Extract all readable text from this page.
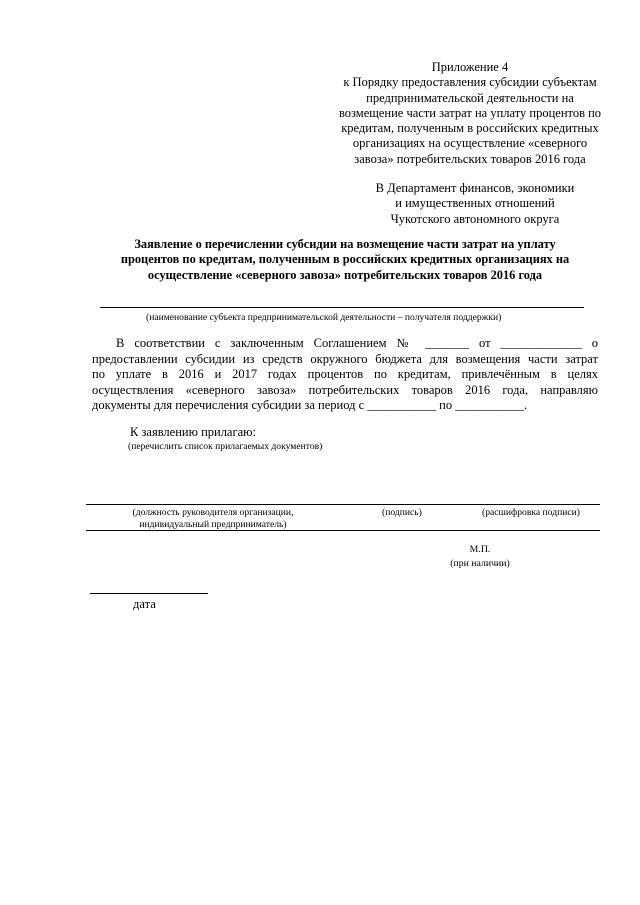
Приложение 4
к Порядку предоставления субсидии субъектам
предпринимательской деятельности на
возмещение части затрат на уплату процентов по
кредитам, полученным в российских кредитных
организациях на осуществление «северного
завоза» потребительских товаров 2016 года
В Департамент финансов, экономики
и имущественных отношений
Чукотского автономного округа
Заявление о перечислении субсидии на возмещение части затрат на уплату
процентов по кредитам, полученным в российских кредитных организациях на
осуществление «северного завоза» потребительских товаров 2016 года
(наименование субъекта предпринимательской деятельности – получателя поддержки)
В соответствии с заключенным Соглашением № _______ от _____________ о
предоставлении субсидии из средств окружного бюджета для возмещения части затрат
по уплате в 2016 и 2017 годах процентов по кредитам, привлечённым в целях
осуществления «северного завоза» потребительских товаров 2016 года, направляю
документы для перечисления субсидии за период с ___________ по ___________.
К заявлению прилагаю:
(перечислить список прилагаемых документов)
(должность руководителя организации,
индивидуальный предприниматель)
(подпись)	(расшифровка подписи)
М.П.
(при наличии)
дата
